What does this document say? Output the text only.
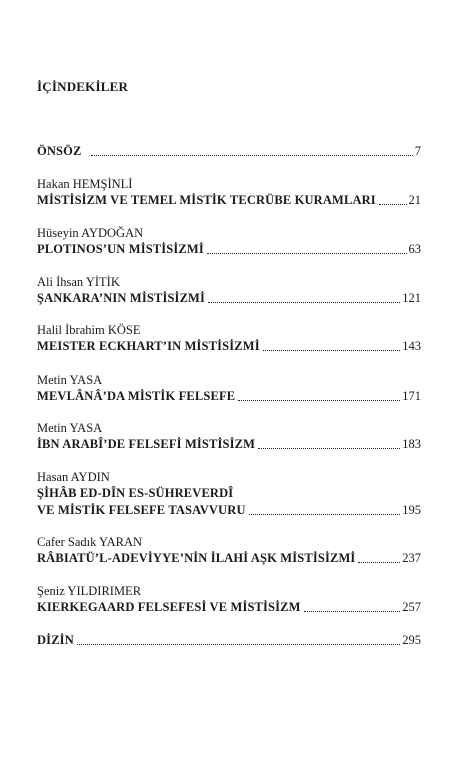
İÇİNDEKİLER
ÖNSÖZ	7
Hakan HEMŞİNLİ
MİSTİSİZM VE TEMEL MİSTİK TECRÜBE KURAMLARI	21
Hüseyin AYDOĞAN
PLOTINOS’UN MİSTİSİZMİ	63
Ali İhsan YİTİK
ŞANKARA’NIN MİSTİSİZMİ	121
Halil İbrahim KÖSE
MEISTER ECKHART’IN MİSTİSİZMİ	143
Metin YASA
MEVLÂNÂ’DA MİSTİK FELSEFE	171
Metin YASA
İBN ARABÎ’DE FELSEFİ MİSTİSİZM	183
Hasan AYDIN
ŞİHÂB ED-DÎN ES-SÜHREVERDÎ
VE MİSTİK FELSEFE TASAVVURU	195
Cafer Sadık YARAN
RÂBIATÜ’L-ADEVİYYE’NİN İLAHİ AŞK MİSTİSİZMİ	237
Şeniz YILDIRIMER
KIERKEGAARD FELSEFESİ VE MİSTİSİZM	257
DİZİN	295
